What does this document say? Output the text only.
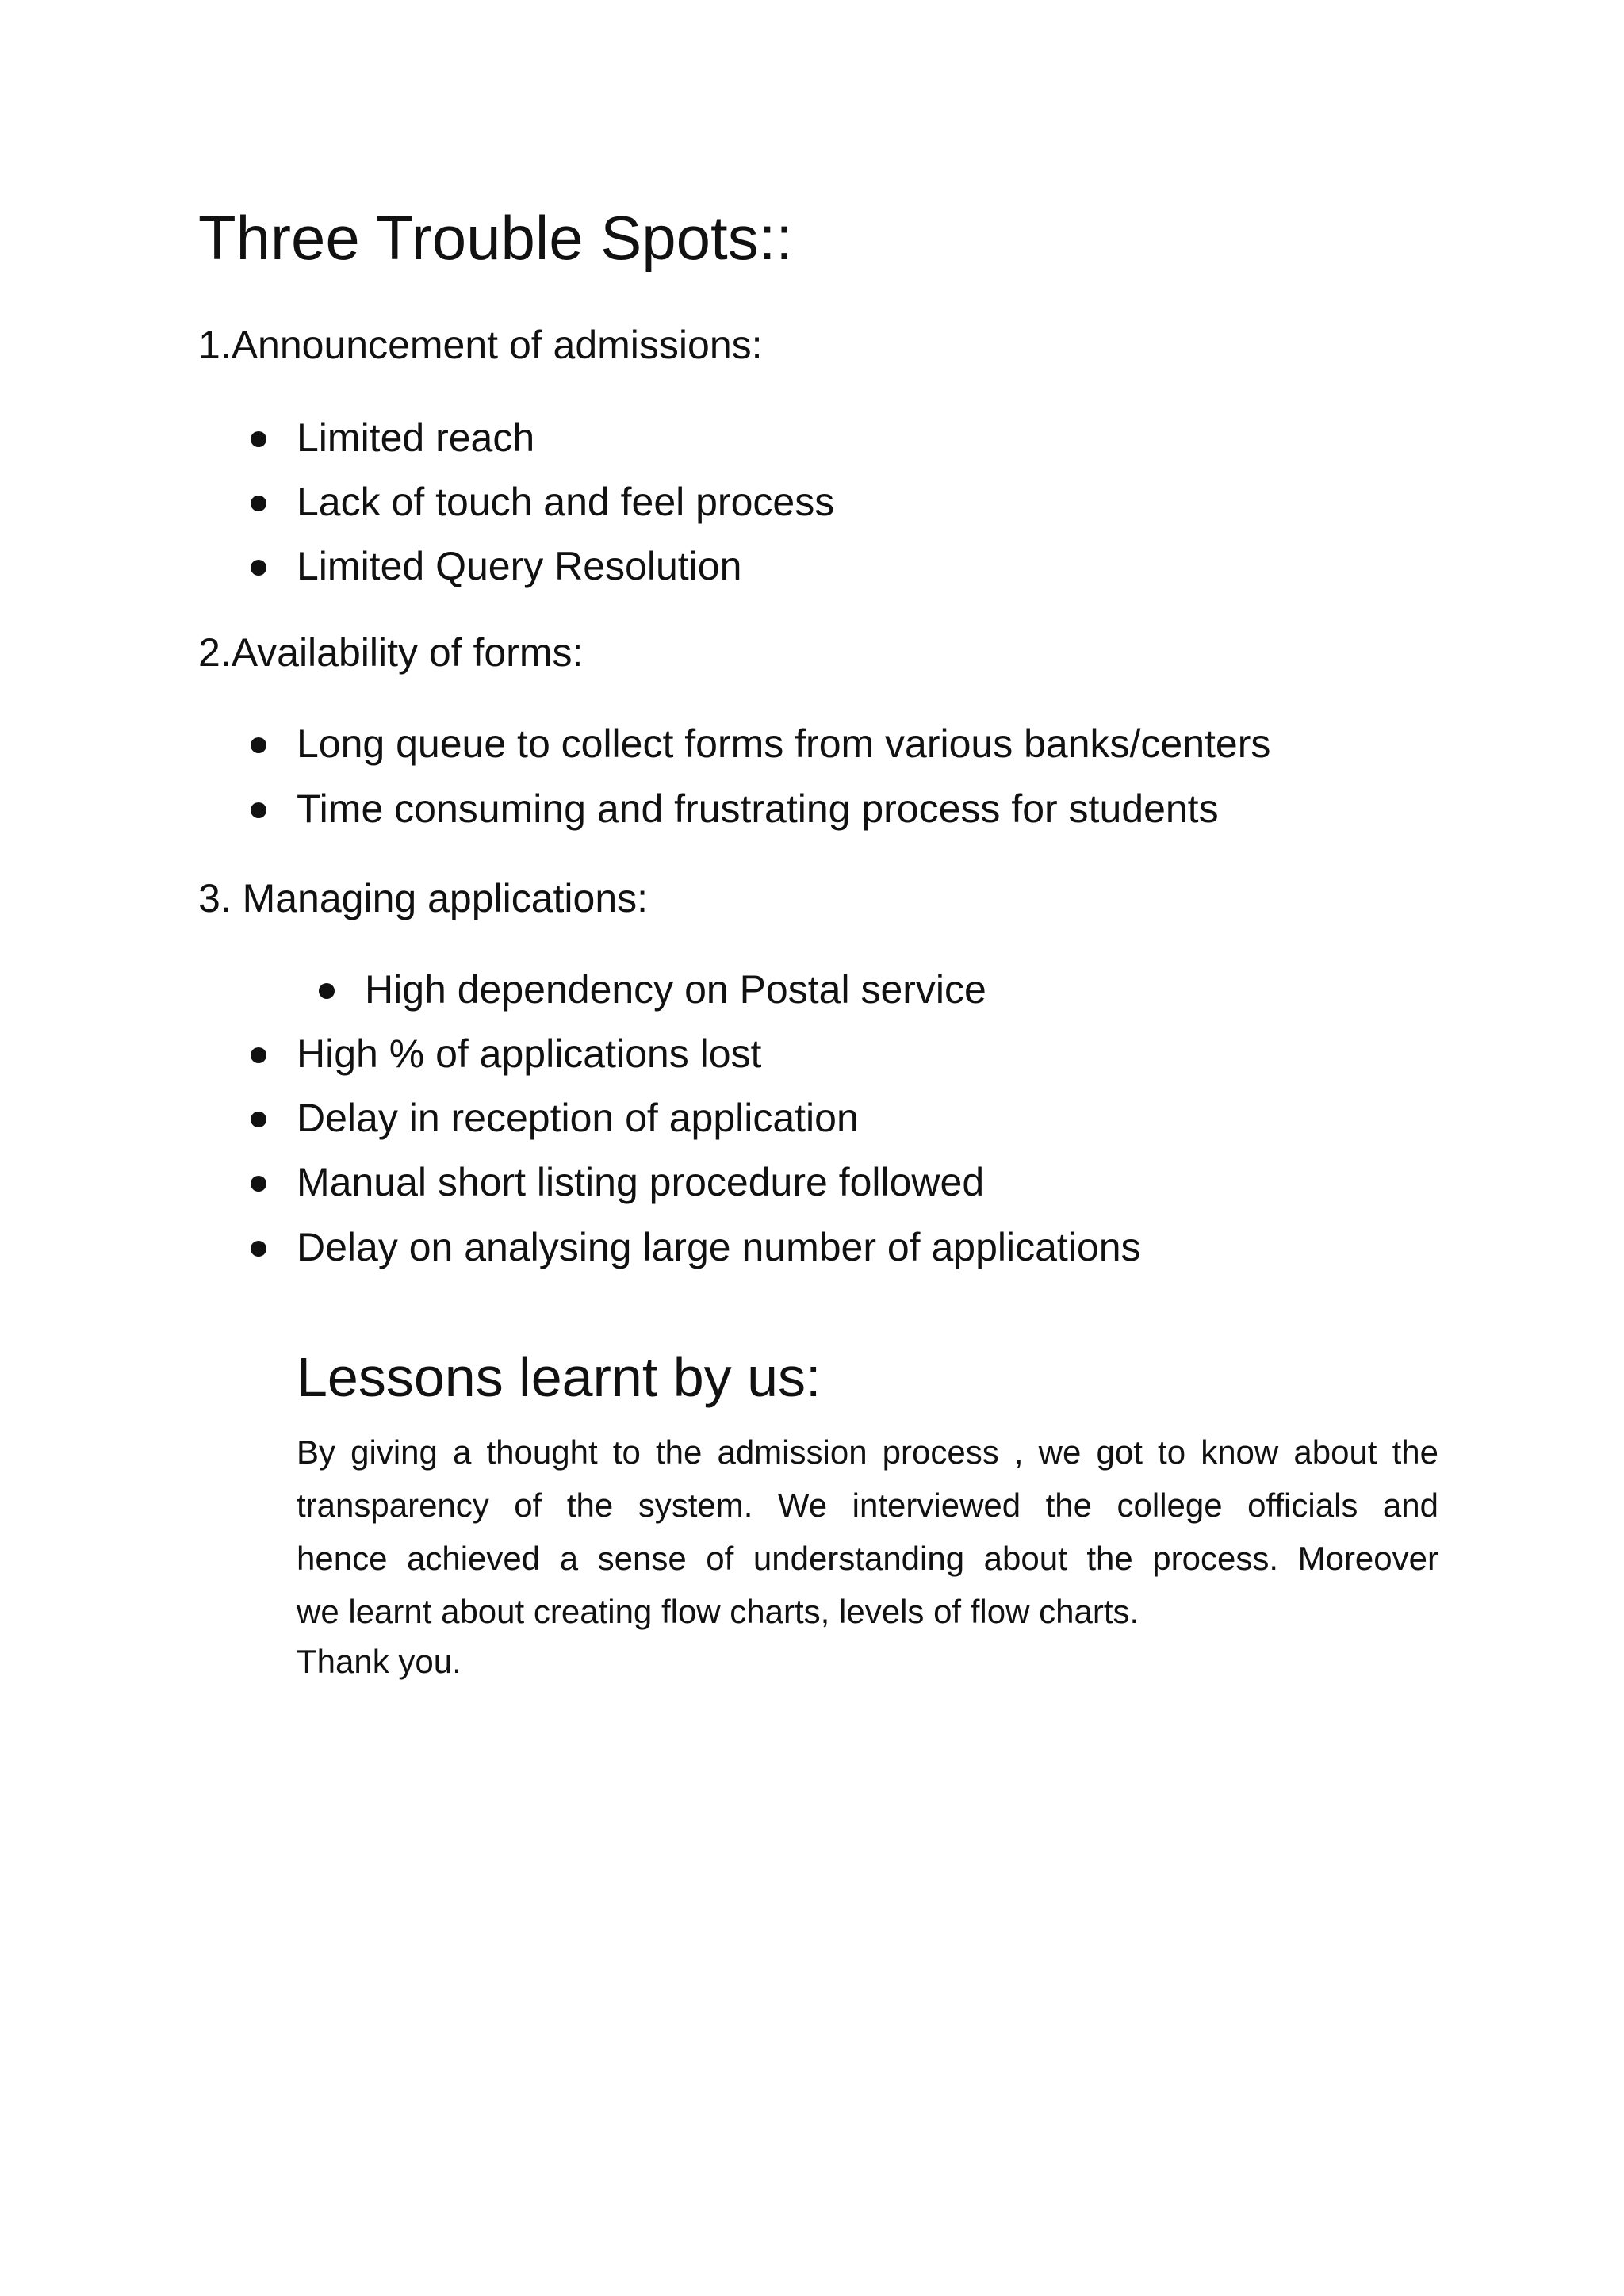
Three Trouble Spots::
1.Announcement of admissions:
Limited reach
Lack of touch and feel process
Limited Query Resolution
2.Availability of forms:
Long queue to collect forms from various banks/centers
Time consuming and frustrating process for students
3. Managing applications:
High dependency on Postal service
High % of applications lost
Delay in reception of application
Manual short listing procedure followed
Delay on analysing large number of applications
Lessons learnt by us:

By giving a thought to the admission process , we got to know about the
transparency of the system. We interviewed the college officials and
hence achieved a sense of understanding about the process. Moreover
we learnt about creating flow charts, levels of flow charts.

Thank you.
